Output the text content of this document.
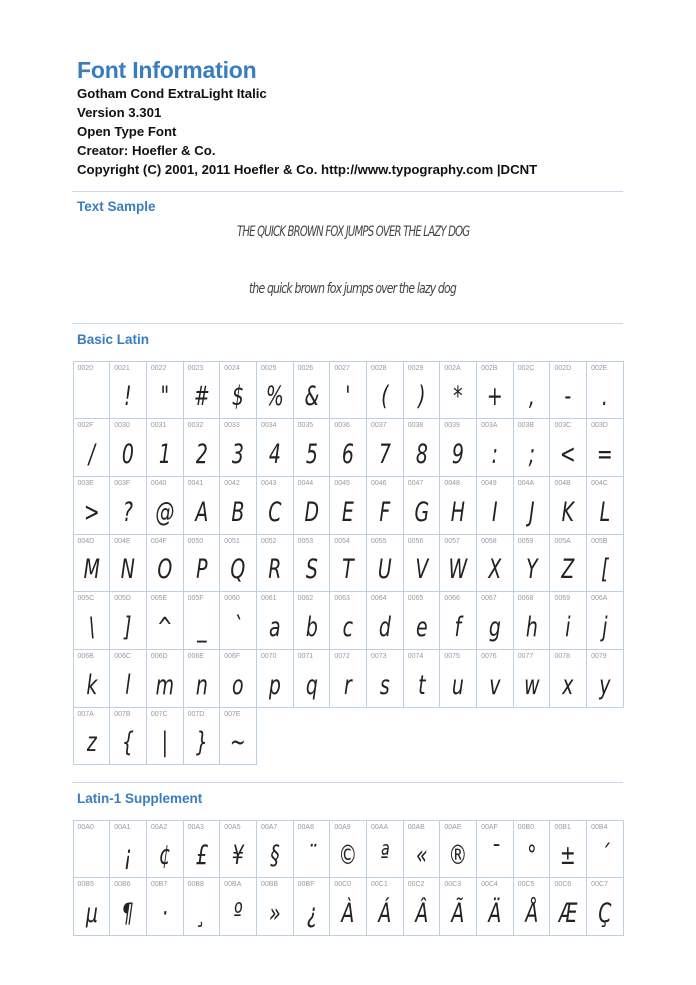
Font Information
Gotham Cond ExtraLight Italic
Version 3.301
Open Type Font
Creator: Hoefler & Co.
Copyright (C) 2001, 2011 Hoefler & Co. http://www.typography.com |DCNT
Text Sample
THE QUICK BROWN FOX JUMPS OVER THE LAZY DOG
the quick brown fox jumps over the lazy dog
Basic Latin
0020	0021
!
0022
"
0023
#
0024
$
0025
%
0026
&
0027
'
0028
(
0029
)
002A
*
002B
+
002C
,
002D
-
002E
.
002F
/
0030
0
0031
1
0032
2
0033
3
0034
4
0035
5
0036
6
0037
7
0038
8
0039
9
003A
:
003B
;
003C
<
003D
=
003E
>
003F
?
0040
@
0041
A
0042
B
0043
C
0044
D
0045
E
0046
F
0047
G
0048
H
0049
I
004A
J
004B
K
004C
L
004D
M
004E
N
004F
O
0050
P
0051
Q
0052
R
0053
S
0054
T
0055
U
0056
V
0057
W
0058
X
0059
Y
005A
Z
005B
[
005C
\
005D
]
005E
^
005F
_
0060
`
0061
a
0062
b
0063
c
0064
d
0065
e
0066
f
0067
g
0068
h
0069
i
006A
j
006B
k
006C
l
006D
m
006E
n
006F
o
0070
p
0071
q
0072
r
0073
s
0074
t
0075
u
0076
v
0077
w
0078
x
0079
y
007A
z
007B
{
007C
|
007D
}
007E
~
Latin-1 Supplement
00A0	00A1
¡
00A2
¢
00A3
£
00A5
¥
00A7
§
00A8
¨
00A9
©
00AA
ª
00AB
«
00AE
®
00AF
¯
00B0
°
00B1
±
00B4
´
00B5
µ
00B6
¶
00B7
·
00B8
¸
00BA
º
00BB
»
00BF
¿
00C0
À
00C1
Á
00C2
Â
00C3
Ã
00C4
Ä
00C5
Å
00C6
Æ
00C7
Ç
